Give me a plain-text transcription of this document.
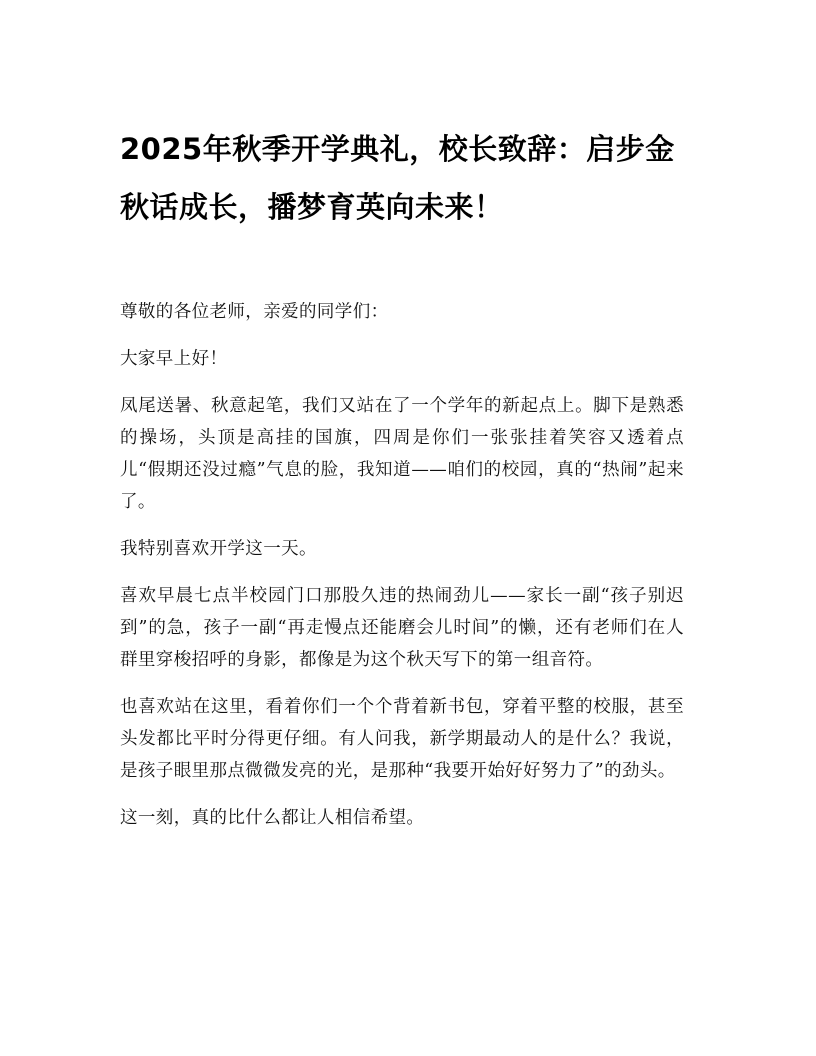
2025年秋季开学典礼，校长致辞：启步金秋话成长，播梦育英向未来！

尊敬的各位老师，亲爱的同学们：

大家早上好！

凤尾送暑、秋意起笔，我们又站在了一个学年的新起点上。脚下是熟悉的操场，头顶是高挂的国旗，四周是你们一张张挂着笑容又透着点儿“假期还没过瘾”气息的脸，我知道——咱们的校园，真的“热闹”起来了。

我特别喜欢开学这一天。

喜欢早晨七点半校园门口那股久违的热闹劲儿——家长一副“孩子别迟到”的急，孩子一副“再走慢点还能磨会儿时间”的懒，还有老师们在人群里穿梭招呼的身影，都像是为这个秋天写下的第一组音符。

也喜欢站在这里，看着你们一个个背着新书包，穿着平整的校服，甚至头发都比平时分得更仔细。有人问我，新学期最动人的是什么？我说，是孩子眼里那点微微发亮的光，是那种“我要开始好好努力了”的劲头。

这一刻，真的比什么都让人相信希望。
